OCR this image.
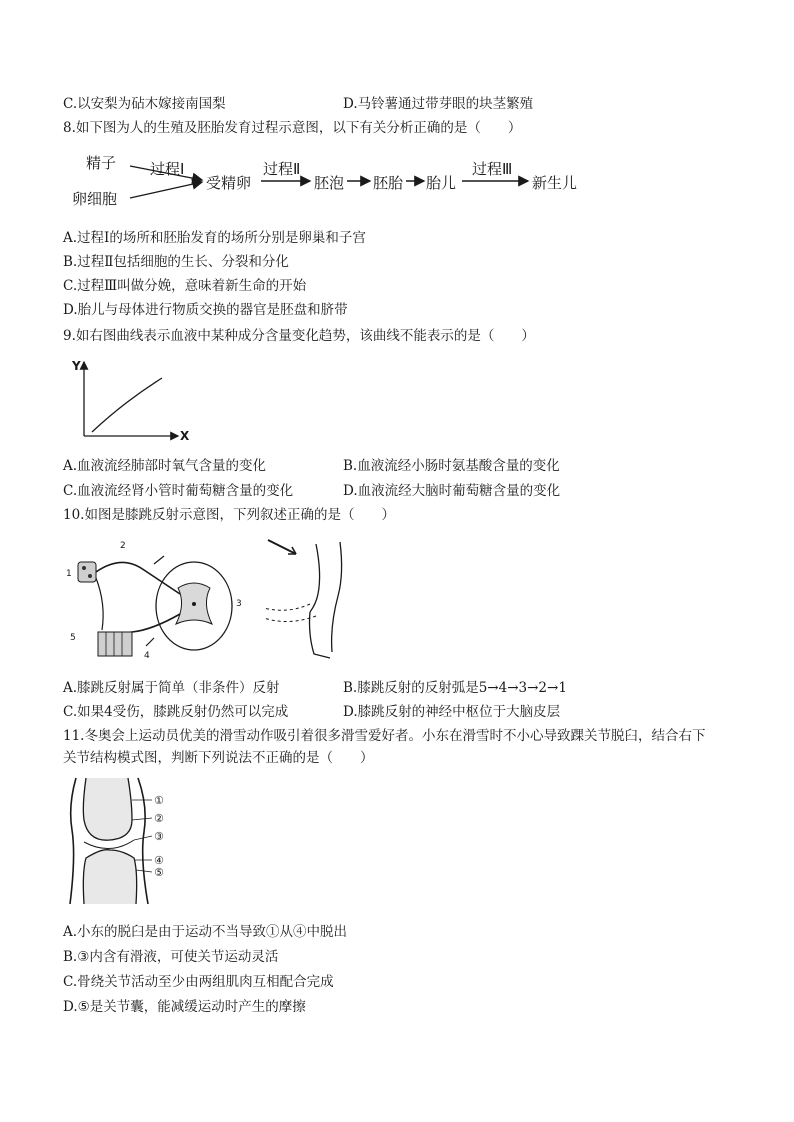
C.以安梨为砧木嫁接南国梨	D.马铃薯通过带芽眼的块茎繁殖
8.如下图为人的生殖及胚胎发育过程示意图，以下有关分析正确的是（　　）
精子
卵细胞
过程Ⅰ
受精卵
过程Ⅱ
胚泡 胚胎 胎儿
过程Ⅲ
新生儿
A.过程Ⅰ的场所和胚胎发育的场所分别是卵巢和子宫
B.过程Ⅱ包括细胞的生长、分裂和分化
C.过程Ⅲ叫做分娩，意味着新生命的开始
D.胎儿与母体进行物质交换的器官是胚盘和脐带
9.如右图曲线表示血液中某种成分含量变化趋势，该曲线不能表示的是（　　）
Y
X
A.血液流经肺部时氧气含量的变化	B.血液流经小肠时氨基酸含量的变化
C.血液流经肾小管时葡萄糖含量的变化	D.血液流经大脑时葡萄糖含量的变化
10.如图是膝跳反射示意图，下列叙述正确的是（　　）
1
2
3
4
5
A.膝跳反射属于简单（非条件）反射	B.膝跳反射的反射弧是5→4→3→2→1
C.如果4受伤，膝跳反射仍然可以完成	D.膝跳反射的神经中枢位于大脑皮层
11.冬奥会上运动员优美的滑雪动作吸引着很多滑雪爱好者。小东在滑雪时不小心导致踝关节脱臼，结合右下
关节结构模式图，判断下列说法不正确的是（　　）
①
②
③
④
⑤
A.小东的脱臼是由于运动不当导致①从④中脱出
B.③内含有滑液，可使关节运动灵活
C.骨绕关节活动至少由两组肌肉互相配合完成
D.⑤是关节囊，能减缓运动时产生的摩擦
